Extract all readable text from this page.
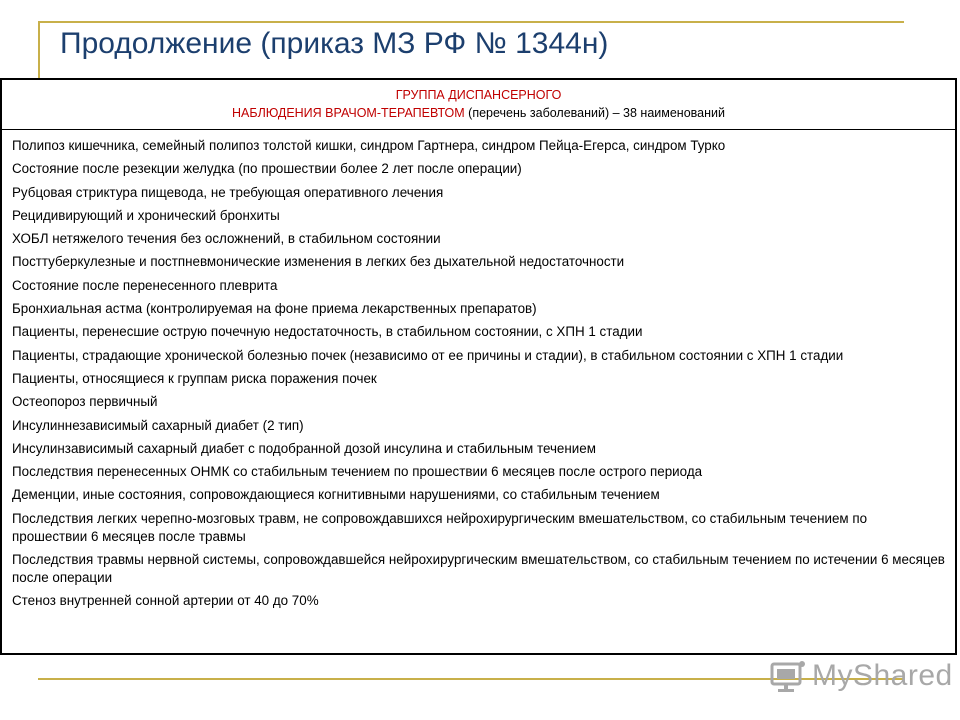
Продолжение (приказ МЗ РФ № 1344н)
ГРУППА ДИСПАНСЕРНОГО
НАБЛЮДЕНИЯ ВРАЧОМ-ТЕРАПЕВТОМ (перечень заболеваний) – 38 наименований
Полипоз кишечника, семейный полипоз толстой кишки, синдром Гартнера, синдром Пейца-Егерса, синдром Турко
Состояние после резекции желудка (по прошествии более 2 лет после операции)
Рубцовая стриктура пищевода, не требующая оперативного лечения
Рецидивирующий и хронический бронхиты
ХОБЛ нетяжелого течения без осложнений, в стабильном состоянии
Посттуберкулезные и постпневмонические изменения в легких без дыхательной недостаточности
Состояние после перенесенного плеврита
Бронхиальная астма (контролируемая на фоне приема лекарственных препаратов)
Пациенты, перенесшие острую почечную недостаточность, в стабильном состоянии, с ХПН 1 стадии
Пациенты, страдающие хронической болезнью почек (независимо от ее причины и стадии), в стабильном состоянии с ХПН 1 стадии
Пациенты, относящиеся к группам риска поражения почек
Остеопороз первичный
Инсулиннезависимый сахарный диабет (2 тип)
Инсулинзависимый сахарный диабет с подобранной дозой инсулина и стабильным течением
Последствия перенесенных ОНМК со стабильным течением по прошествии 6 месяцев после острого периода
Деменции, иные состояния, сопровождающиеся когнитивными нарушениями, со стабильным течением
Последствия легких черепно-мозговых травм, не сопровождавшихся нейрохирургическим вмешательством, со стабильным течением по прошествии 6 месяцев после травмы
Последствия травмы нервной системы, сопровождавшейся нейрохирургическим вмешательством, со стабильным течением по истечении 6 месяцев после операции
Стеноз внутренней сонной артерии от 40 до 70%
MyShared
